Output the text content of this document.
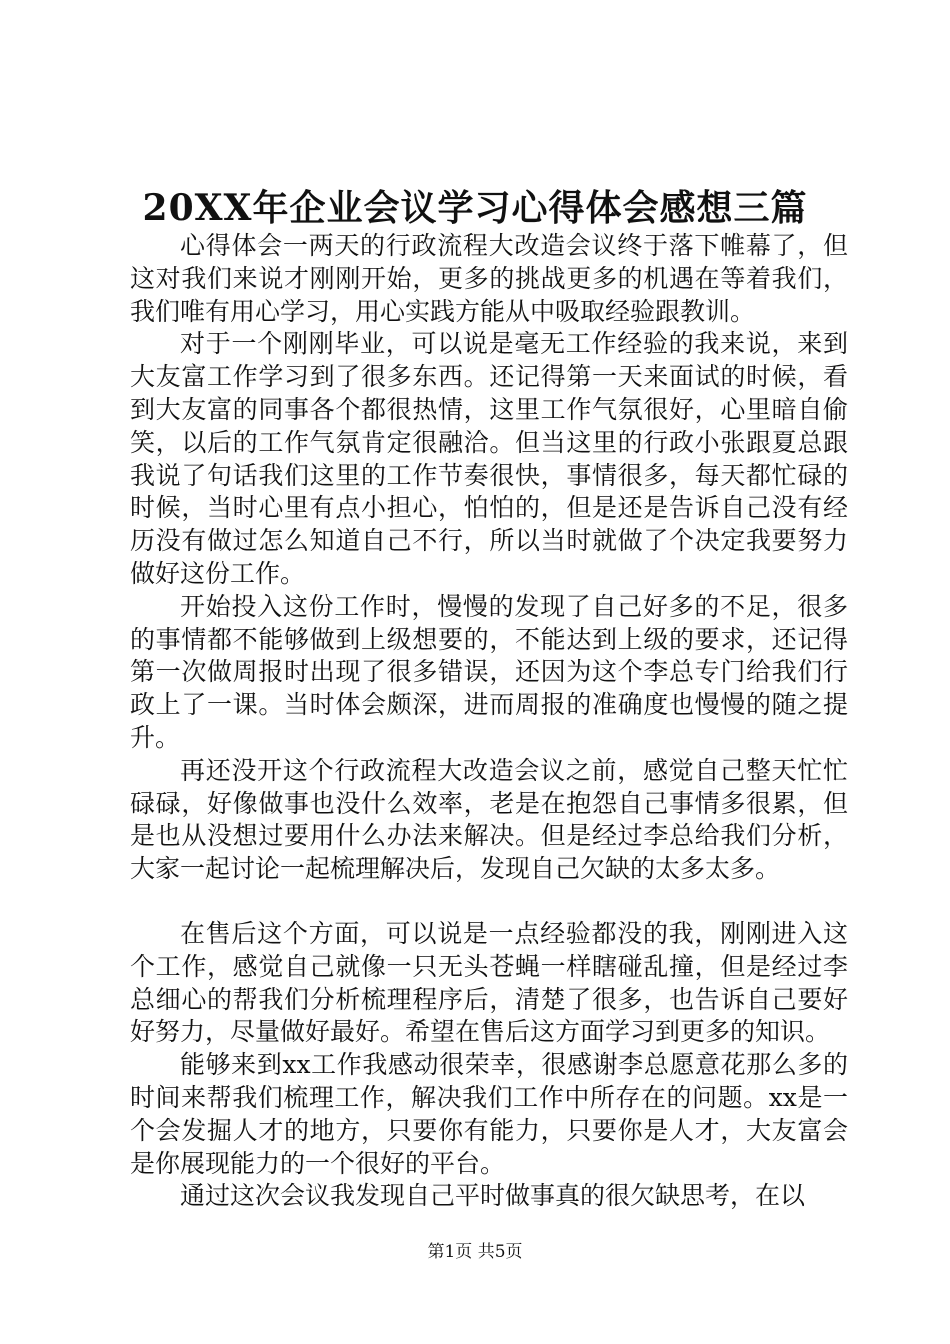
20XX年企业会议学习心得体会感想三篇

心得体会一两天的行政流程大改造会议终于落下帷幕了，但这对我们来说才刚刚开始，更多的挑战更多的机遇在等着我们，我们唯有用心学习，用心实践方能从中吸取经验跟教训。

对于一个刚刚毕业，可以说是毫无工作经验的我来说，来到大友富工作学习到了很多东西。还记得第一天来面试的时候，看到大友富的同事各个都很热情，这里工作气氛很好，心里暗自偷笑，以后的工作气氛肯定很融洽。但当这里的行政小张跟夏总跟我说了句话我们这里的工作节奏很快，事情很多，每天都忙碌的时候，当时心里有点小担心，怕怕的，但是还是告诉自己没有经历没有做过怎么知道自己不行，所以当时就做了个决定我要努力做好这份工作。

开始投入这份工作时，慢慢的发现了自己好多的不足，很多的事情都不能够做到上级想要的，不能达到上级的要求，还记得第一次做周报时出现了很多错误，还因为这个李总专门给我们行政上了一课。当时体会颇深，进而周报的准确度也慢慢的随之提升。

再还没开这个行政流程大改造会议之前，感觉自己整天忙忙碌碌，好像做事也没什么效率，老是在抱怨自己事情多很累，但是也从没想过要用什么办法来解决。但是经过李总给我们分析，大家一起讨论一起梳理解决后，发现自己欠缺的太多太多。

在售后这个方面，可以说是一点经验都没的我，刚刚进入这个工作，感觉自己就像一只无头苍蝇一样瞎碰乱撞，但是经过李总细心的帮我们分析梳理程序后，清楚了很多，也告诉自己要好好努力，尽量做好最好。希望在售后这方面学习到更多的知识。

能够来到xx工作我感动很荣幸，很感谢李总愿意花那么多的时间来帮我们梳理工作，解决我们工作中所存在的问题。xx是一个会发掘人才的地方，只要你有能力，只要你是人才，大友富会是你展现能力的一个很好的平台。

通过这次会议我发现自己平时做事真的很欠缺思考，在以

第1页 共5页
